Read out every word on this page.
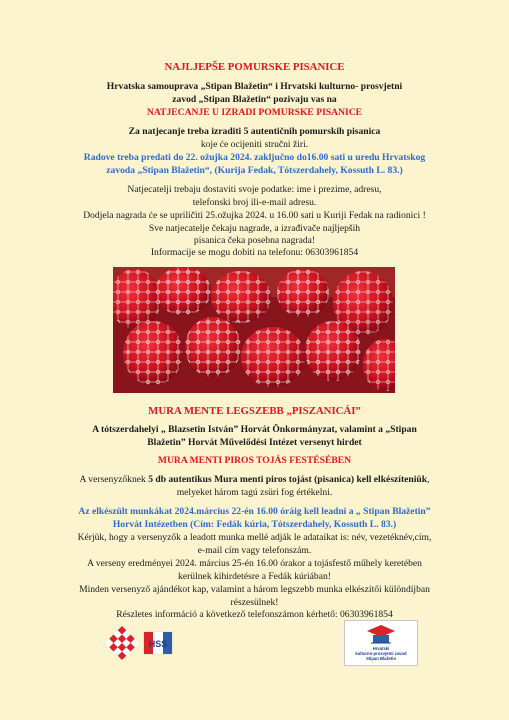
NAJLJEPŠE POMURSKE PISANICE

Hrvatska samouprava „Stipan Blažetin“ i Hrvatski kulturno- prosvjetni

zavod „Stipan Blažetin“ pozivaju vas na

NATJECANJE U IZRADI POMURSKE PISANICE

Za natjecanje treba izraditi 5 autentičnih pomurskih pisanica

koje će ocijeniti stručni žiri.

Radove treba predati do 22. ožujka 2024. zaključno do16.00 sati u uredu Hrvatskog

zavoda „Stipan Blažetin“, (Kurija Fedak, Tótszerdahely, Kossuth L. 83.)

Natjecatelji trebaju dostaviti svoje podatke: ime i prezime, adresu,

telefonski broj ili-e-mail adresu.

Dodjela nagrada će se upriličiti 25.ožujka 2024. u 16.00 sati u Kuriji Fedak na radionici !

Sve natjecatelje čekaju nagrade, a izrađivače najljepših

pisanica čeka posebna nagrada!

Informacije se mogu dobiti na telefonu: 06303961854

MURA MENTE LEGSZEBB „PISZANICÁI”

A tótszerdahelyi „ Blazsetin István” Horvát Önkormányzat, valamint a „Stipan

Blažetin” Horvát Művelődési Intézet versenyt hirdet

MURA MENTI PIROS TOJÁS FESTÉSÉBEN

A versenyzőknek 5 db autentikus Mura menti piros tojást (pisanica) kell elkészíteniük,

melyeket három tagú zsüri fog értékelni.

Az elkészült munkákat 2024.március 22-én 16.00 óráig kell leadni a „ Stipan Blažetin”

Horvát Intézetben (Cím: Fedák kúria, Tótszerdahely, Kossuth L. 83.)

Kérjük, hogy a versenyzők a leadott munka mellé adják le adataikat is: név, vezetéknév,cím,

e-mail cím vagy telefonszám.

A verseny eredményei 2024. március 25-én 16.00 órakor a tojásfestő műhely keretében

kerülnek kihirdetésre a Fedák kúriában!

Minden versenyző ajándékot kap, valamint a három legszebb munka elkészítői különdíjban

részesülnek!

Részletes információ a következő telefonszámon kérhető: 06303961854

HSS	Hrvatski
kulturno-prosvjetni zavod
Stipan Blažetin
